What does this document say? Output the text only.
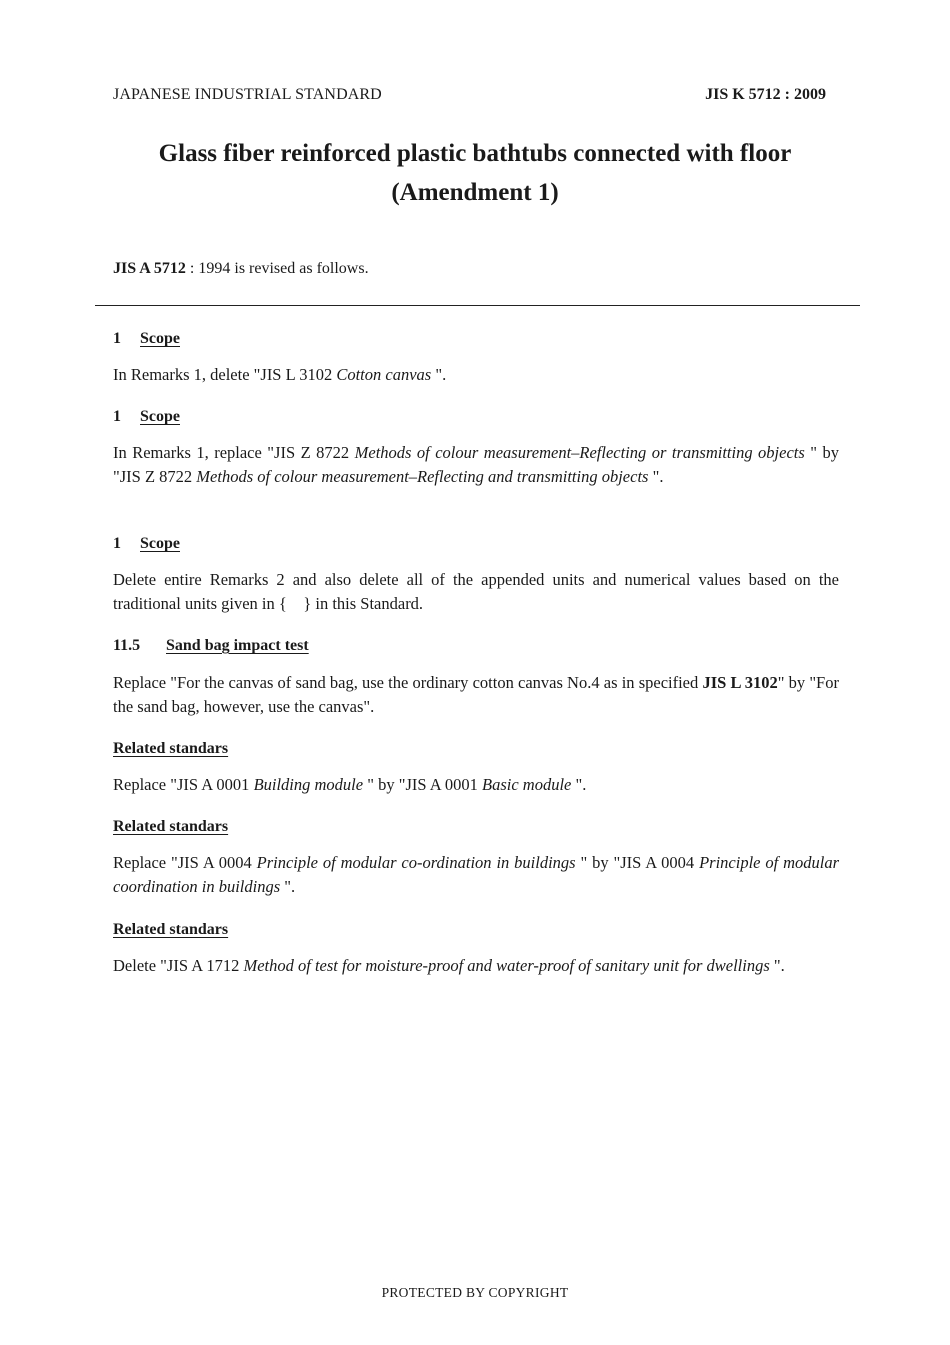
JAPANESE INDUSTRIAL STANDARD	JIS K 5712 : 2009
Glass fiber reinforced plastic bathtubs connected with floor
(Amendment 1)
JIS A 5712 : 1994 is revised as follows.
1 Scope
In Remarks 1, delete "JIS L 3102 Cotton canvas ".
1 Scope
In Remarks 1, replace "JIS Z 8722 Methods of colour measurement–Reflecting or transmitting objects " by "JIS Z 8722 Methods of colour measurement–Reflecting and transmitting objects ".
1 Scope
Delete entire Remarks 2 and also delete all of the appended units and numerical values based on the traditional units given in {　} in this Standard.
11.5 Sand bag impact test
Replace "For the canvas of sand bag, use the ordinary cotton canvas No.4 as in specified JIS L 3102" by "For the sand bag, however, use the canvas".
Related standars
Replace "JIS A 0001 Building module " by "JIS A 0001 Basic module ".
Related standars
Replace "JIS A 0004 Principle of modular co-ordination in buildings " by "JIS A 0004 Principle of modular coordination in buildings ".
Related standars
Delete "JIS A 1712 Method of test for moisture-proof and water-proof of sanitary unit for dwellings ".
PROTECTED BY COPYRIGHT
